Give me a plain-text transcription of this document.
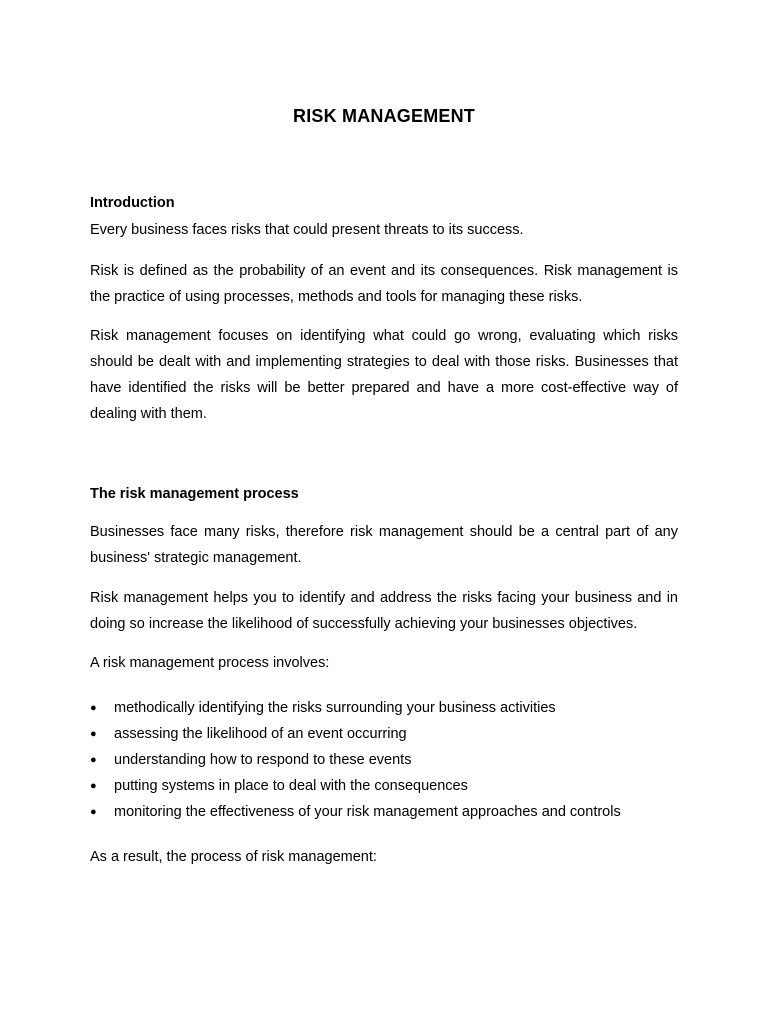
RISK MANAGEMENT
Introduction

Every business faces risks that could present threats to its success.

Risk is defined as the probability of an event and its consequences. Risk management is the practice of using processes, methods and tools for managing these risks.

Risk management focuses on identifying what could go wrong, evaluating which risks should be dealt with and implementing strategies to deal with those risks. Businesses that have identified the risks will be better prepared and have a more cost-effective way of dealing with them.

The risk management process

Businesses face many risks, therefore risk management should be a central part of any business' strategic management.

Risk management helps you to identify and address the risks facing your business and in doing so increase the likelihood of successfully achieving your businesses objectives.

A risk management process involves:

● methodically identifying the risks surrounding your business activities
● assessing the likelihood of an event occurring
● understanding how to respond to these events
● putting systems in place to deal with the consequences
● monitoring the effectiveness of your risk management approaches and controls

As a result, the process of risk management:
